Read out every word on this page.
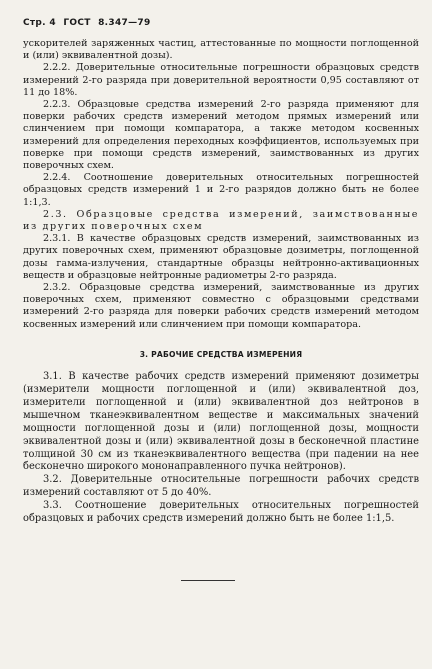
Стр. 4 ГОСТ 8.347—79

ускорителей заряженных частиц, аттестованные по мощности поглощенной и (или) эквивалентной дозы).

2.2.2. Доверительные относительные погрешности образцовых средств измерений 2-го разряда при доверительной вероятности 0,95 составляют от 11 до 18%.

2.2.3. Образцовые средства измерений 2-го разряда применяют для поверки рабочих средств измерений методом прямых измерений или слинчением при помощи компаратора, а также методом косвенных измерений для определения переходных коэффициентов, используемых при поверке при помощи средств измерений, заимствованных из других поверочных схем.

2.2.4. Соотношение доверительных относительных погрешностей образцовых средств измерений 1 и 2-го разрядов должно быть не более 1:1,3.

2.3. Образцовые средства измерений, заимствованные из других поверочных схем

2.3.1. В качестве образцовых средств измерений, заимствованных из других поверочных схем, применяют образцовые дозиметры, поглощенной дозы гамма-излучения, стандартные образцы нейтронно-активационных веществ и образцовые нейтронные радиометры 2-го разряда.

2.3.2. Образцовые средства измерений, заимствованные из других поверочных схем, применяют совместно с образцовыми средствами измерений 2-го разряда для поверки рабочих средств измерений методом косвенных измерений или слинчением при помощи компаратора.

3. РАБОЧИЕ СРЕДСТВА ИЗМЕРЕНИЯ

3.1. В качестве рабочих средств измерений применяют дозиметры (измерители мощности поглощенной и (или) эквивалентной доз, измерители поглощенной и (или) эквивалентной доз нейтронов в мышечном тканеэквивалентном веществе и максимальных значений мощности поглощенной дозы и (или) поглощенной дозы, мощности эквивалентной дозы и (или) эквивалентной дозы в бесконечной пластине толщиной 30 см из тканеэквивалентного вещества (при падении на нее бесконечно широкого мононаправленного пучка нейтронов).

3.2. Доверительные относительные погрешности рабочих средств измерений составляют от 5 до 40%.

3.3. Соотношение доверительных относительных погрешностей образцовых и рабочих средств измерений должно быть не более 1:1,5.
